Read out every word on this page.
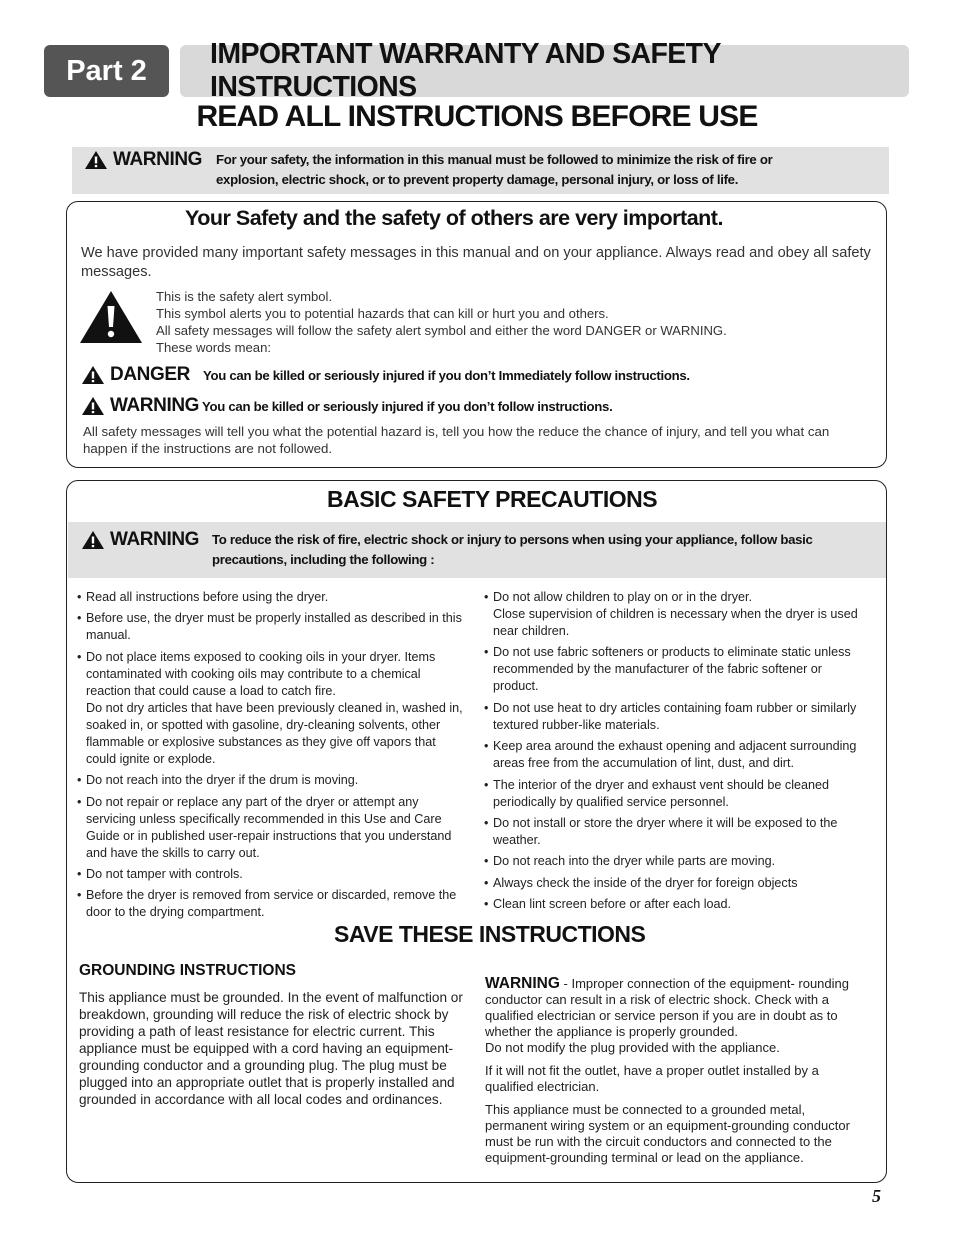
Part 2
IMPORTANT WARRANTY AND SAFETY INSTRUCTIONS
READ ALL INSTRUCTIONS BEFORE USE
WARNING For your safety, the information in this manual must be followed to minimize the risk of fire or
explosion, electric shock, or to prevent property damage, personal injury, or loss of life.
Your Safety and the safety of others are very important.
We have provided many important safety messages in this manual and on your appliance. Always read and obey all safety messages.
This is the safety alert symbol.
This symbol alerts you to potential hazards that can kill or hurt you and others.
All safety messages will follow the safety alert symbol and either the word DANGER or WARNING.
These words mean:
DANGER You can be killed or seriously injured if you don’t Immediately follow instructions.
WARNING You can be killed or seriously injured if you don’t follow instructions.
All safety messages will tell you what the potential hazard is, tell you how the reduce the chance of injury, and tell you what can happen if the instructions are not followed.
BASIC SAFETY PRECAUTIONS
WARNING To reduce the risk of fire, electric shock or injury to persons when using your appliance, follow basic
precautions, including the following :
• Read all instructions before using the dryer.
• Before use, the dryer must be properly installed as described in this manual.
• Do not place items exposed to cooking oils in your dryer. Items contaminated with cooking oils may contribute to a chemical reaction that could cause a load to catch fire.
Do not dry articles that have been previously cleaned in, washed in, soaked in, or spotted with gasoline, dry-cleaning solvents, other flammable or explosive substances as they give off vapors that could ignite or explode.
• Do not reach into the dryer if the drum is moving.
• Do not repair or replace any part of the dryer or attempt any servicing unless specifically recommended in this Use and Care Guide or in published user-repair instructions that you understand and have the skills to carry out.
• Do not tamper with controls.
• Before the dryer is removed from service or discarded, remove the door to the drying compartment.
• Do not allow children to play on or in the dryer.
Close supervision of children is necessary when the dryer is used near children.
• Do not use fabric softeners or products to eliminate static unless recommended by the manufacturer of the fabric softener or product.
• Do not use heat to dry articles containing foam rubber or similarly textured rubber-like materials.
• Keep area around the exhaust opening and adjacent surrounding areas free from the accumulation of lint, dust, and dirt.
• The interior of the dryer and exhaust vent should be cleaned periodically by qualified service personnel.
• Do not install or store the dryer where it will be exposed to the weather.
• Do not reach into the dryer while parts are moving.
• Always check the inside of the dryer for foreign objects
• Clean lint screen before or after each load.
SAVE THESE INSTRUCTIONS
GROUNDING INSTRUCTIONS
This appliance must be grounded. In the event of malfunction or breakdown, grounding will reduce the risk of electric shock by providing a path of least resistance for electric current. This appliance must be equipped with a cord having an equipment-grounding conductor and a grounding plug. The plug must be plugged into an appropriate outlet that is properly installed and grounded in accordance with all local codes and ordinances.

WARNING - Improper connection of the equipment- rounding conductor can result in a risk of electric shock. Check with a qualified electrician or service person if you are in doubt as to whether the appliance is properly grounded.
Do not modify the plug provided with the appliance.

If it will not fit the outlet, have a proper outlet installed by a qualified electrician.

This appliance must be connected to a grounded metal, permanent wiring system or an equipment-grounding conductor must be run with the circuit conductors and connected to the equipment-grounding terminal or lead on the appliance.

5
